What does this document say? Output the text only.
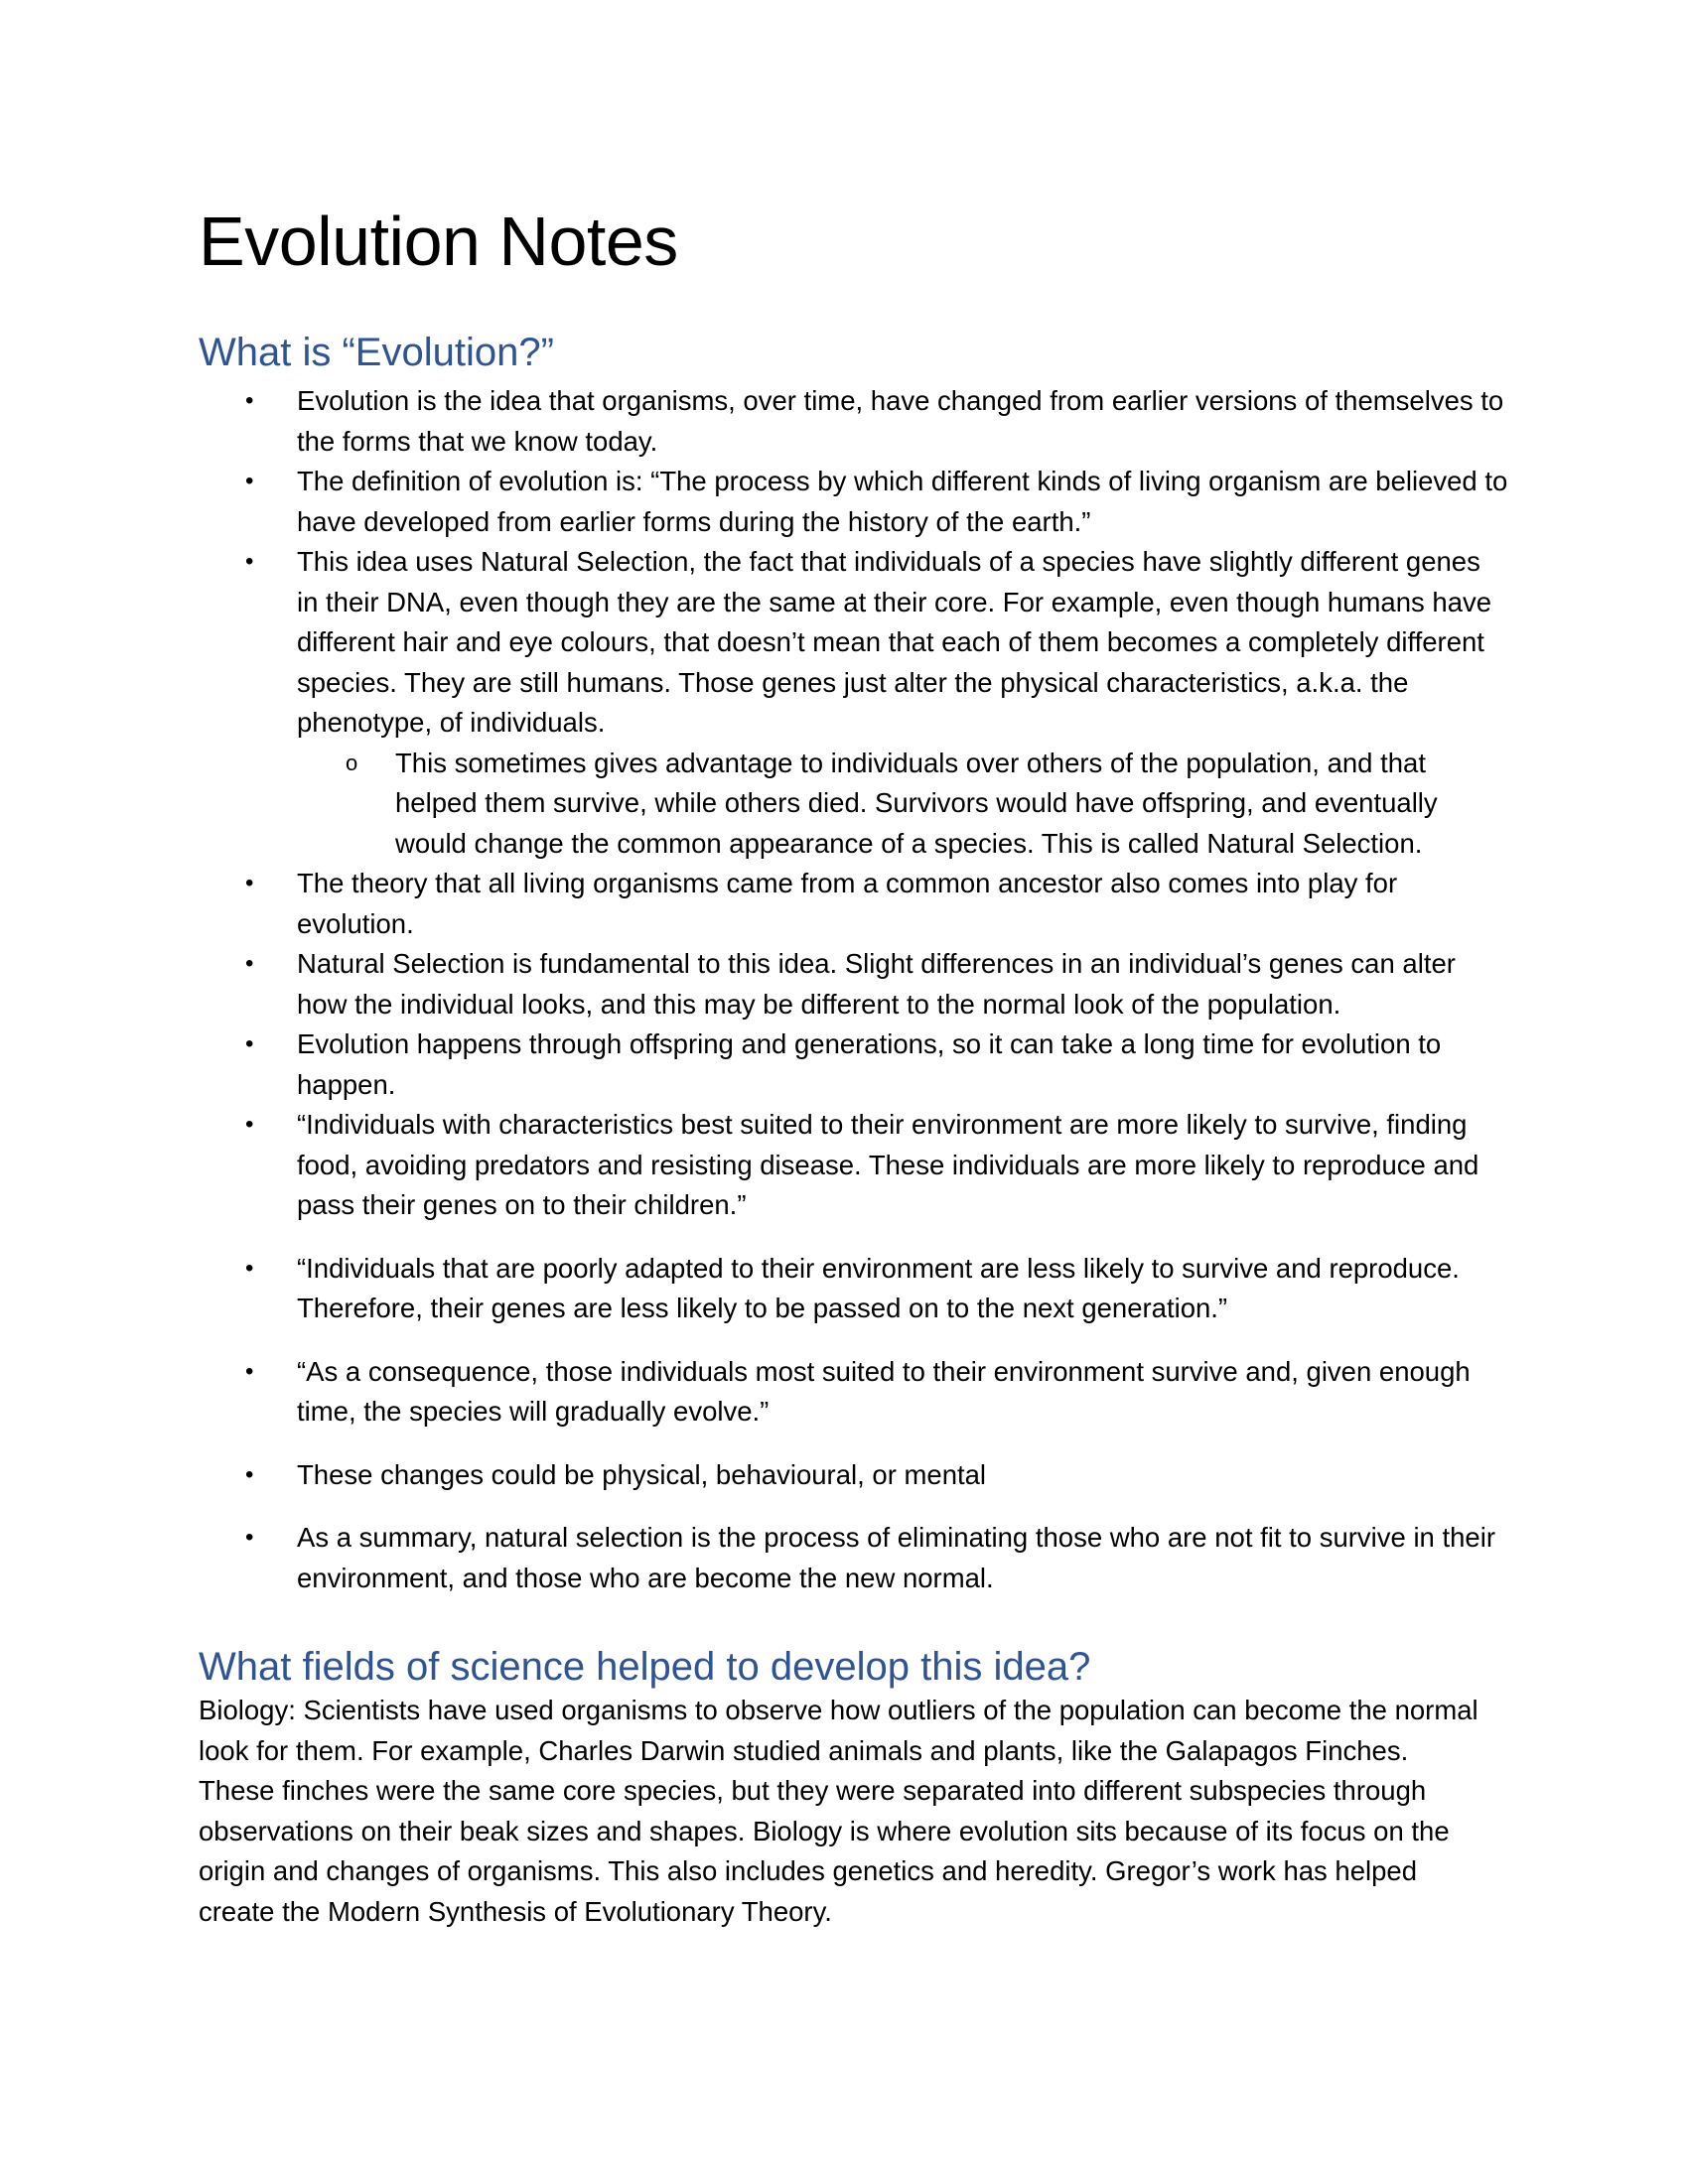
Evolution Notes
What is “Evolution?”
• Evolution is the idea that organisms, over time, have changed from earlier versions of themselves to the forms that we know today.
• The definition of evolution is: “The process by which different kinds of living organism are believed to have developed from earlier forms during the history of the earth.”
• This idea uses Natural Selection, the fact that individuals of a species have slightly different genes in their DNA, even though they are the same at their core. For example, even though humans have different hair and eye colours, that doesn’t mean that each of them becomes a completely different species. They are still humans. Those genes just alter the physical characteristics, a.k.a. the phenotype, of individuals.
o This sometimes gives advantage to individuals over others of the population, and that helped them survive, while others died. Survivors would have offspring, and eventually would change the common appearance of a species. This is called Natural Selection.
• The theory that all living organisms came from a common ancestor also comes into play for evolution.
• Natural Selection is fundamental to this idea. Slight differences in an individual’s genes can alter how the individual looks, and this may be different to the normal look of the population.
• Evolution happens through offspring and generations, so it can take a long time for evolution to happen.
• “Individuals with characteristics best suited to their environment are more likely to survive, finding food, avoiding predators and resisting disease. These individuals are more likely to reproduce and pass their genes on to their children.”
• “Individuals that are poorly adapted to their environment are less likely to survive and reproduce. Therefore, their genes are less likely to be passed on to the next generation.”
• “As a consequence, those individuals most suited to their environment survive and, given enough time, the species will gradually evolve.”
• These changes could be physical, behavioural, or mental
• As a summary, natural selection is the process of eliminating those who are not fit to survive in their environment, and those who are become the new normal.
What fields of science helped to develop this idea?

Biology: Scientists have used organisms to observe how outliers of the population can become the normal look for them. For example, Charles Darwin studied animals and plants, like the Galapagos Finches. These finches were the same core species, but they were separated into different subspecies through observations on their beak sizes and shapes. Biology is where evolution sits because of its focus on the origin and changes of organisms. This also includes genetics and heredity. Gregor’s work has helped create the Modern Synthesis of Evolutionary Theory.
